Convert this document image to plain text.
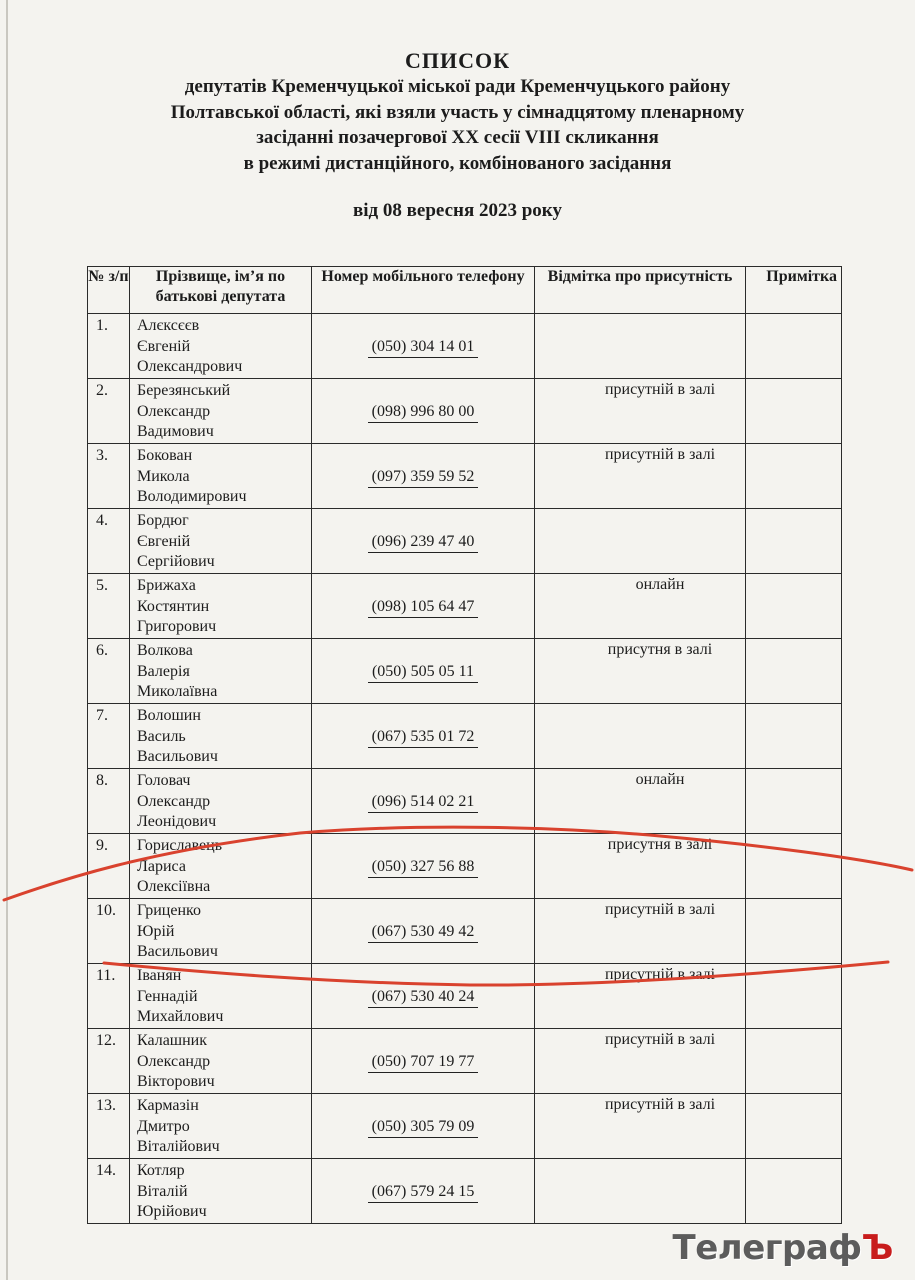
СПИСОК
депутатів Кременчуцької міської ради Кременчуцького району
Полтавської області, які взяли участь у сімнадцятому пленарному
засіданні позачергової ХХ сесії VIII скликання
в режимі дистанційного, комбінованого засідання
від 08 вересня 2023 року
№ з/п	Прізвище, ім’я по батькові депутата	Номер мобільного телефону	Відмітка про присутність	Примітка
1.	Алєксєєв
Євгеній
Олександрович	(050) 304 14 01		
2.	Березянський
Олександр
Вадимович	(098) 996 80 00	присутній в залі	
3.	Бокован
Микола
Володимирович	(097) 359 59 52	присутній в залі	
4.	Бордюг
Євгеній
Сергійович	(096) 239 47 40		
5.	Брижаха
Костянтин
Григорович	(098) 105 64 47	онлайн	
6.	Волкова
Валерія
Миколаївна	(050) 505 05 11	присутня в залі	
7.	Волошин
Василь
Васильович	(067) 535 01 72		
8.	Головач
Олександр
Леонідович	(096) 514 02 21	онлайн	
9.	Гориславець
Лариса
Олексіївна	(050) 327 56 88	присутня в залі	
10.	Гриценко
Юрій
Васильович	(067) 530 49 42	присутній в залі	
11.	Іванян
Геннадій
Михайлович	(067) 530 40 24	присутній в залі	
12.	Калашник
Олександр
Вікторович	(050) 707 19 77	присутній в залі	
13.	Кармазін
Дмитро
Віталійович	(050) 305 79 09	присутній в залі	
14.	Котляр
Віталій
Юрійович	(067) 579 24 15		
ТелеграфЪ
